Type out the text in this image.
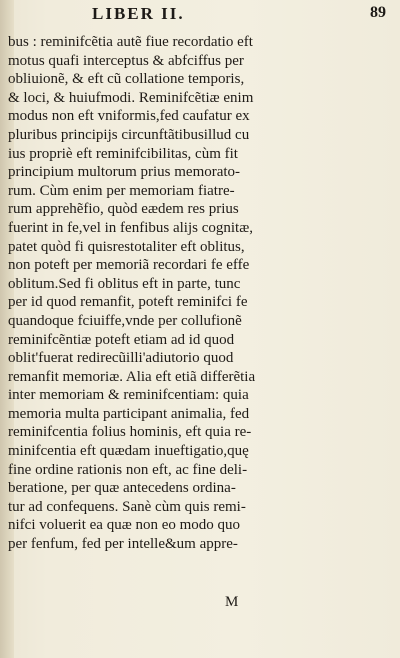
LIBER II.	89
bus : reminifcẽtia autẽ fiue recordatio eft
motus quafi interceptus & abfciffus per
obliuionẽ, & eft cũ collatione temporis,
& loci, & huiufmodi. Reminifcẽtiæ enim
modus non eft vniformis,fed caufatur ex
pluribus principijs circunftãtibusillud cu
ius propriè eft reminifcibilitas, cùm fit
principium multorum prius memorato-
rum. Cùm enim per memoriam fiatre-
rum apprehẽfio, quòd eædem res prius
fuerint in fe,vel in fenfibus alijs cognitæ,
patet quòd fi quisrestotaliter eft oblitus,
non poteft per memoriã recordari fe effe
oblitum.Sed fi oblitus eft in parte, tunc
per id quod remanfit, poteft reminifci fe
quandoque fciuiffe,vnde per collufionẽ
reminifcẽntiæ poteft etiam ad id quod
oblit'fuerat redirecũilli'adiutorio quod
remanfit memoriæ. Alia eft etiã differẽtia
inter memoriam & reminifcentiam: quia
memoria multa participant animalia, fed
reminifcentia folius hominis, eft quia re-
minifcentia eft quædam inueftigatio,quę
fine ordine rationis non eft, ac fine deli-
beratione, per quæ antecedens ordina-
tur ad confequens. Sanè cùm quis remi-
nifci voluerit ea quæ non eo modo quo
per fenfum, fed per intelle&um appre-
M
